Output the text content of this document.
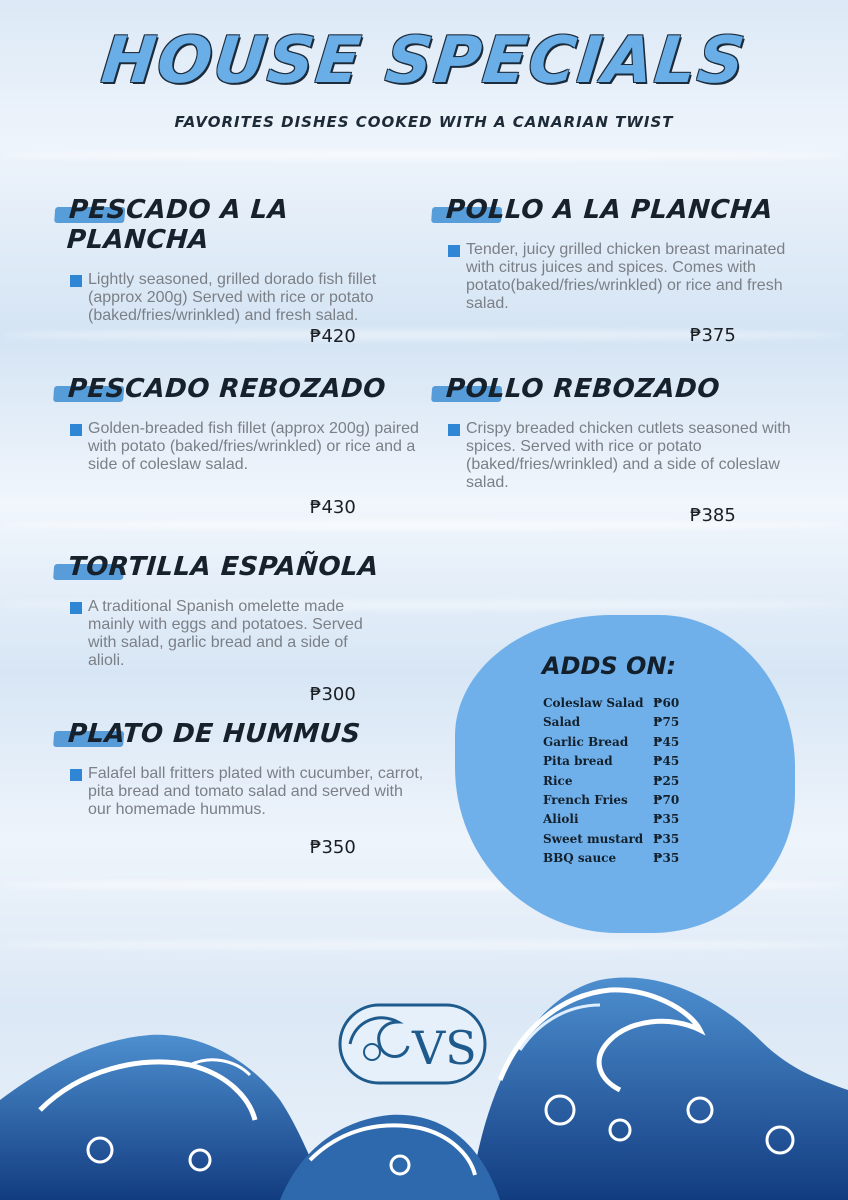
HOUSE SPECIALS
FAVORITES DISHES COOKED WITH A CANARIAN TWIST
PESCADO A LA PLANCHA
Lightly seasoned, grilled dorado fish fillet (approx 200g) Served with rice or potato (baked/fries/wrinkled) and fresh salad.
₱420
POLLO A LA PLANCHA
Tender, juicy grilled chicken breast marinated with citrus juices and spices. Comes with potato(baked/fries/wrinkled) or rice and fresh salad.
₱375
PESCADO REBOZADO
Golden-breaded fish fillet (approx 200g) paired with potato (baked/fries/wrinkled) or rice and a side of coleslaw salad.
₱430
POLLO REBOZADO
Crispy breaded chicken cutlets seasoned with spices. Served with rice or potato (baked/fries/wrinkled) and a side of coleslaw salad.
₱385
TORTILLA ESPAÑOLA
A traditional Spanish omelette made mainly with eggs and potatoes. Served with salad, garlic bread and a side of alioli.
₱300
PLATO DE HUMMUS
Falafel ball fritters plated with cucumber, carrot, pita bread and tomato salad and served with our homemade hummus.
₱350
ADDS ON:
Coleslaw Salad ₱60
Salad	₱75
Garlic Bread	₱45
Pita bread	₱45
Rice	₱25
French Fries	₱70
Alioli	₱35
Sweet mustard ₱35
BBQ sauce	₱35
VS
